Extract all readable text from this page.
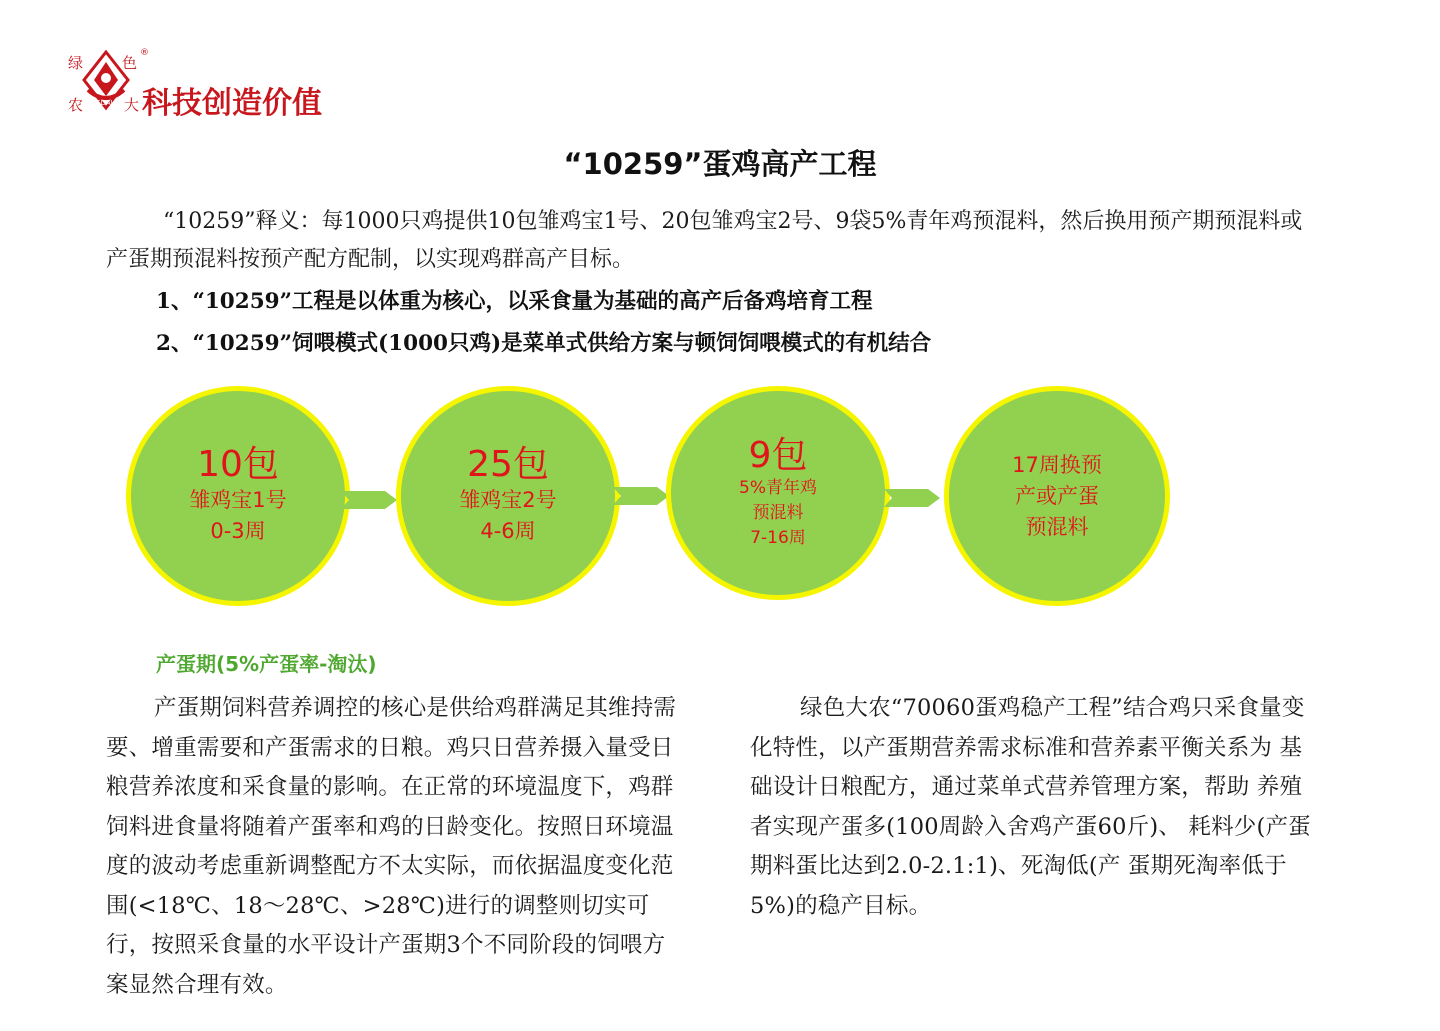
绿	色
®
农	大
SDAU 科技创造价值
“10259”蛋鸡高产工程
“10259”释义：每1000只鸡提供10包雏鸡宝1号、20包雏鸡宝2号、9袋5%青年鸡预混料，然后换用预产期预混料或产蛋期预混料按预产配方配制，以实现鸡群高产目标。
1、“10259”工程是以体重为核心，以采食量为基础的高产后备鸡培育工程
2、“10259”饲喂模式(1000只鸡)是菜单式供给方案与顿饲饲喂模式的有机结合
10包
雏鸡宝1号
0-3周
25包
雏鸡宝2号
4-6周
9包
5%青年鸡
预混料
7-16周
17周换预
产或产蛋
预混料
产蛋期(5%产蛋率-淘汰)
产蛋期饲料营养调控的核心是供给鸡群满足其维持需要、增重需要和产蛋需求的日粮。鸡只日营养摄入量受日粮营养浓度和采食量的影响。在正常的环境温度下，鸡群饲料进食量将随着产蛋率和鸡的日龄变化。按照日环境温度的波动考虑重新调整配方不太实际，而依据温度变化范围(<18℃、18～28℃、>28℃)进行的调整则切实可行，按照采食量的水平设计产蛋期3个不同阶段的饲喂方案显然合理有效。
绿色大农“70060蛋鸡稳产工程”结合鸡只采食量变 化特性，以产蛋期营养需求标准和营养素平衡关系为 基础设计日粮配方，通过菜单式营养管理方案，帮助 养殖者实现产蛋多(100周龄入舍鸡产蛋60斤)、 耗料少(产蛋期料蛋比达到2.0-2.1:1)、死淘低(产 蛋期死淘率低于5%)的稳产目标。
